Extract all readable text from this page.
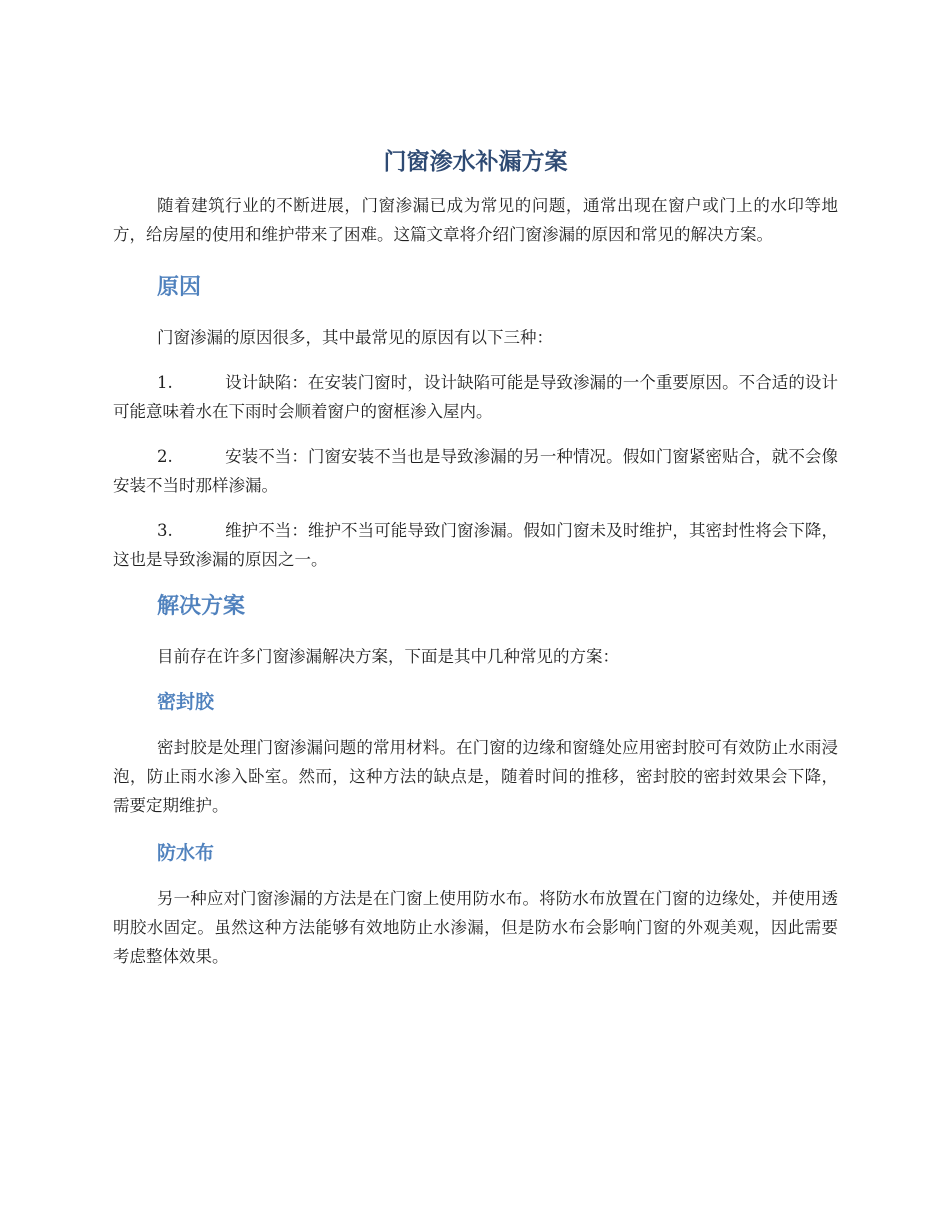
门窗渗水补漏方案

随着建筑行业的不断进展，门窗渗漏已成为常见的问题，通常出现在窗户或门上的水印等地方，给房屋的使用和维护带来了困难。这篇文章将介绍门窗渗漏的原因和常见的解决方案。

原因

门窗渗漏的原因很多，其中最常见的原因有以下三种：

1.	设计缺陷：在安装门窗时，设计缺陷可能是导致渗漏的一个重要原因。不合适的设计可能意味着水在下雨时会顺着窗户的窗框渗入屋内。
2.	安装不当：门窗安装不当也是导致渗漏的另一种情况。假如门窗紧密贴合，就不会像安装不当时那样渗漏。
3.	维护不当：维护不当可能导致门窗渗漏。假如门窗未及时维护，其密封性将会下降，这也是导致渗漏的原因之一。
解决方案

目前存在许多门窗渗漏解决方案，下面是其中几种常见的方案：

密封胶

密封胶是处理门窗渗漏问题的常用材料。在门窗的边缘和窗缝处应用密封胶可有效防止水雨浸泡，防止雨水渗入卧室。然而，这种方法的缺点是，随着时间的推移，密封胶的密封效果会下降，需要定期维护。

防水布

另一种应对门窗渗漏的方法是在门窗上使用防水布。将防水布放置在门窗的边缘处，并使用透明胶水固定。虽然这种方法能够有效地防止水渗漏，但是防水布会影响门窗的外观美观，因此需要考虑整体效果。
